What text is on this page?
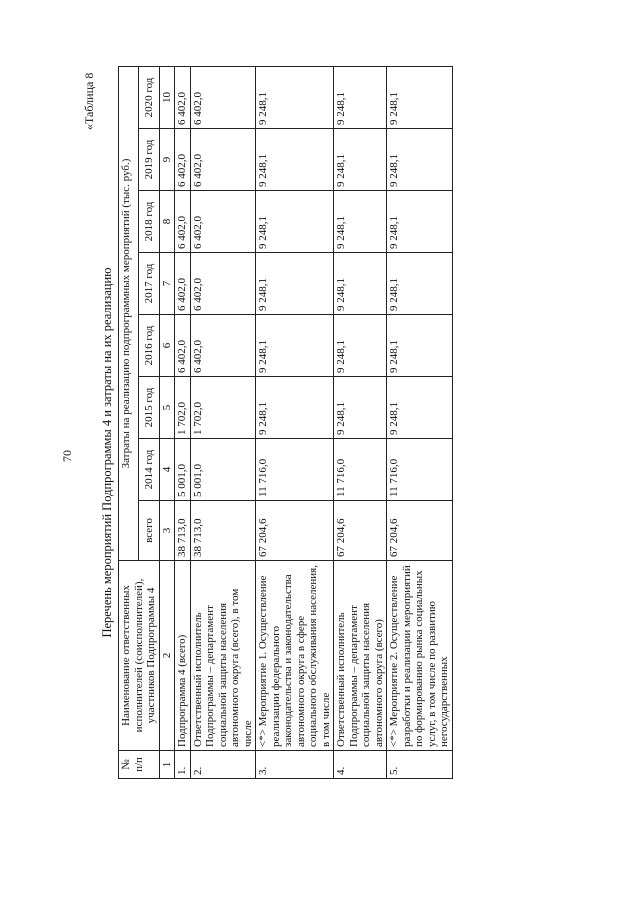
70
«Таблица 8
Перечень мероприятий Подпрограммы 4 и затраты на их реализацию
№ п/п	Наименование ответственных исполнителей (соисполнителей), участников Подпрограммы 4	Затраты на реализацию подпрограммных мероприятий (тыс. руб.)							
		всего	2014 год	2015 год	2016 год	2017 год	2018 год	2019 год	2020 год
1	2	3	4	5	6	7	8	9	10
1.	Подпрограмма 4 (всего)	38 713,0	5 001,0	1 702,0	6 402,0	6 402,0	6 402,0	6 402,0	6 402,0
2.	Ответственный исполнитель Подпрограммы – департамент социальной защиты населения автономного округа (всего), в том числе	38 713,0	5 001,0	1 702,0	6 402,0	6 402,0	6 402,0	6 402,0	6 402,0
3.	<*> Мероприятие 1. Осуществление реализации федерального законодательства и законодательства автономного округа в сфере социального обслуживания населения, в том числе	67 204,6	11 716,0	9 248,1	9 248,1	9 248,1	9 248,1	9 248,1	9 248,1
4.	Ответственный исполнитель Подпрограммы – департамент социальной защиты населения автономного округа (всего)	67 204,6	11 716,0	9 248,1	9 248,1	9 248,1	9 248,1	9 248,1	9 248,1
5.	<*> Мероприятие 2. Осуществление разработки и реализации мероприятий по формированию рынка социальных услуг, в том числе по развитию негосударственных	67 204,6	11 716,0	9 248,1	9 248,1	9 248,1	9 248,1	9 248,1	9 248,1
